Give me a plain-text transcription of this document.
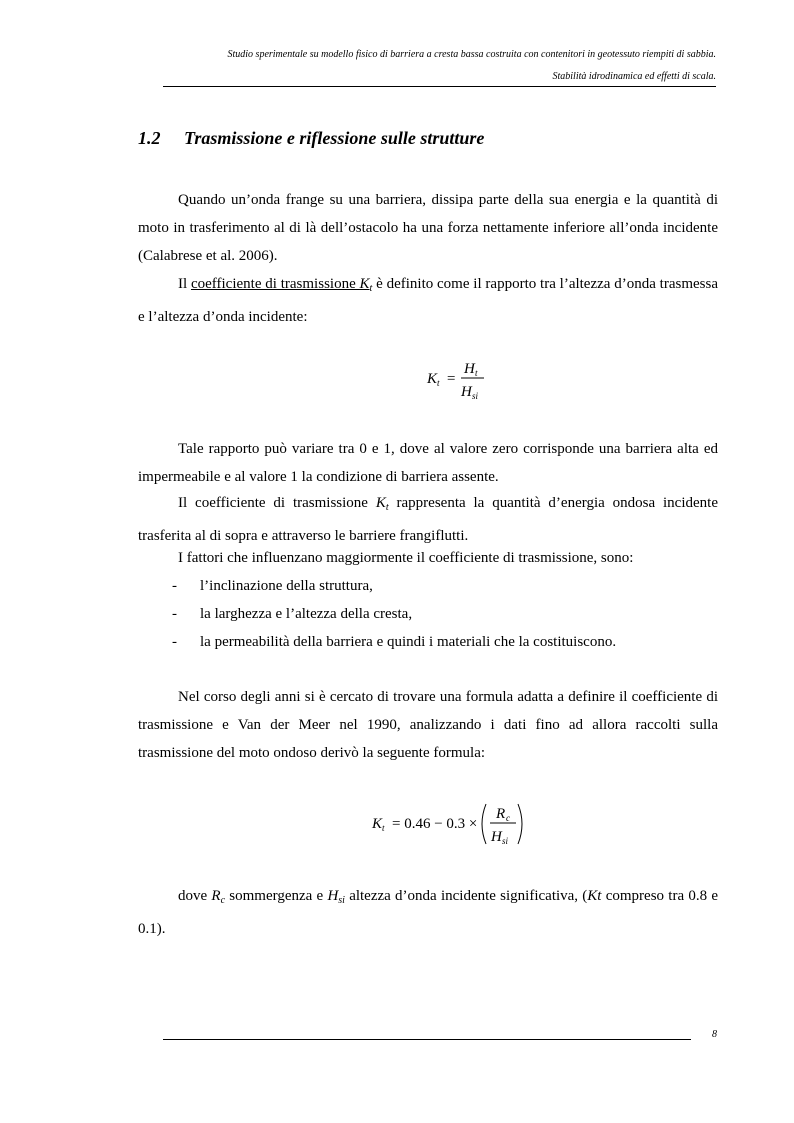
Studio sperimentale su modello fisico di barriera a cresta bassa costruita con contenitori in geotessuto riempiti di sabbia.
Stabilità idrodinamica ed effetti di scala.
1.2 Trasmissione e riflessione sulle strutture
Quando un’onda frange su una barriera, dissipa parte della sua energia e la quantità di moto in trasferimento al di là dell’ostacolo ha una forza nettamente inferiore all’onda incidente (Calabrese et al. 2006).
Il coefficiente di trasmissione $K_t$ è definito come il rapporto tra l’altezza d’onda trasmessa e l’altezza d’onda incidente:
K t =
H t
H si
Tale rapporto può variare tra 0 e 1, dove al valore zero corrisponde una barriera alta ed impermeabile e al valore 1 la condizione di barriera assente.
Il coefficiente di trasmissione $K_t$ rappresenta la quantità d’energia ondosa incidente trasferita al di sopra e attraverso le barriere frangiflutti.
I fattori che influenzano maggiormente il coefficiente di trasmissione, sono:
- l’inclinazione della struttura,
- la larghezza e l’altezza della cresta,
- la permeabilità della barriera e quindi i materiali che la costituiscono.
Nel corso degli anni si è cercato di trovare una formula adatta a definire il coefficiente di trasmissione e Van der Meer nel 1990, analizzando i dati fino ad allora raccolti sulla trasmissione del moto ondoso derivò la seguente formula:
K t = 0.46 − 0.3 ×
R c
H si
dove $R_c$ sommergenza e $H_{si}$ altezza d’onda incidente significativa, (Kt compreso tra 0.8 e 0.1).
8
